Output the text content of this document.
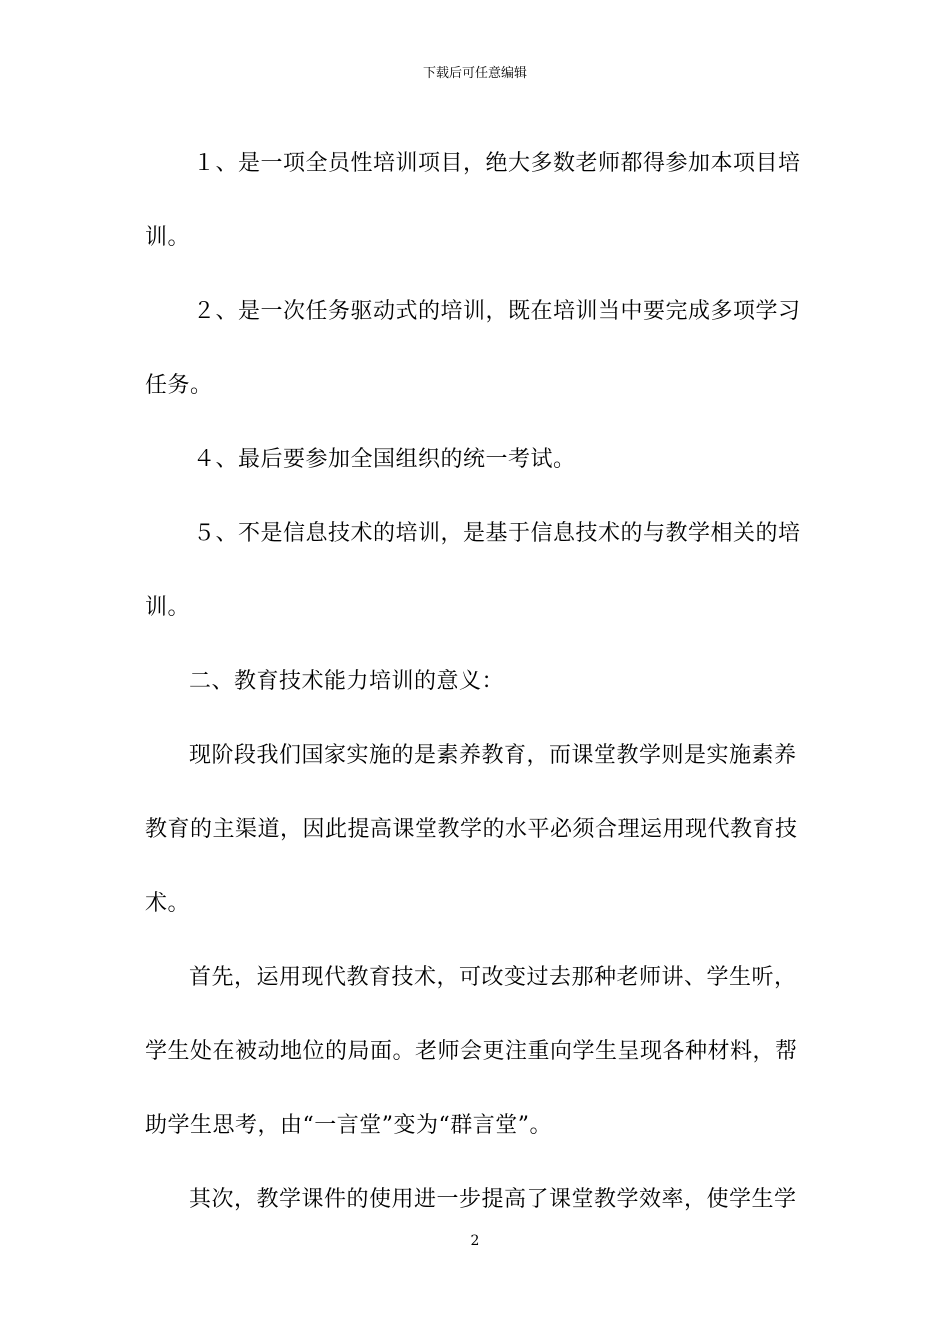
下载后可任意编辑

１、是一项全员性培训项目，绝大多数老师都得参加本项目培训。

２、是一次任务驱动式的培训，既在培训当中要完成多项学习任务。

４、最后要参加全国组织的统一考试。

５、不是信息技术的培训，是基于信息技术的与教学相关的培训。

二、教育技术能力培训的意义：

现阶段我们国家实施的是素养教育，而课堂教学则是实施素养教育的主渠道，因此提高课堂教学的水平必须合理运用现代教育技术。

首先，运用现代教育技术，可改变过去那种老师讲、学生听，学生处在被动地位的局面。老师会更注重向学生呈现各种材料，帮助学生思考，由“一言堂”变为“群言堂”。

其次，教学课件的使用进一步提高了课堂教学效率，使学生学

2
